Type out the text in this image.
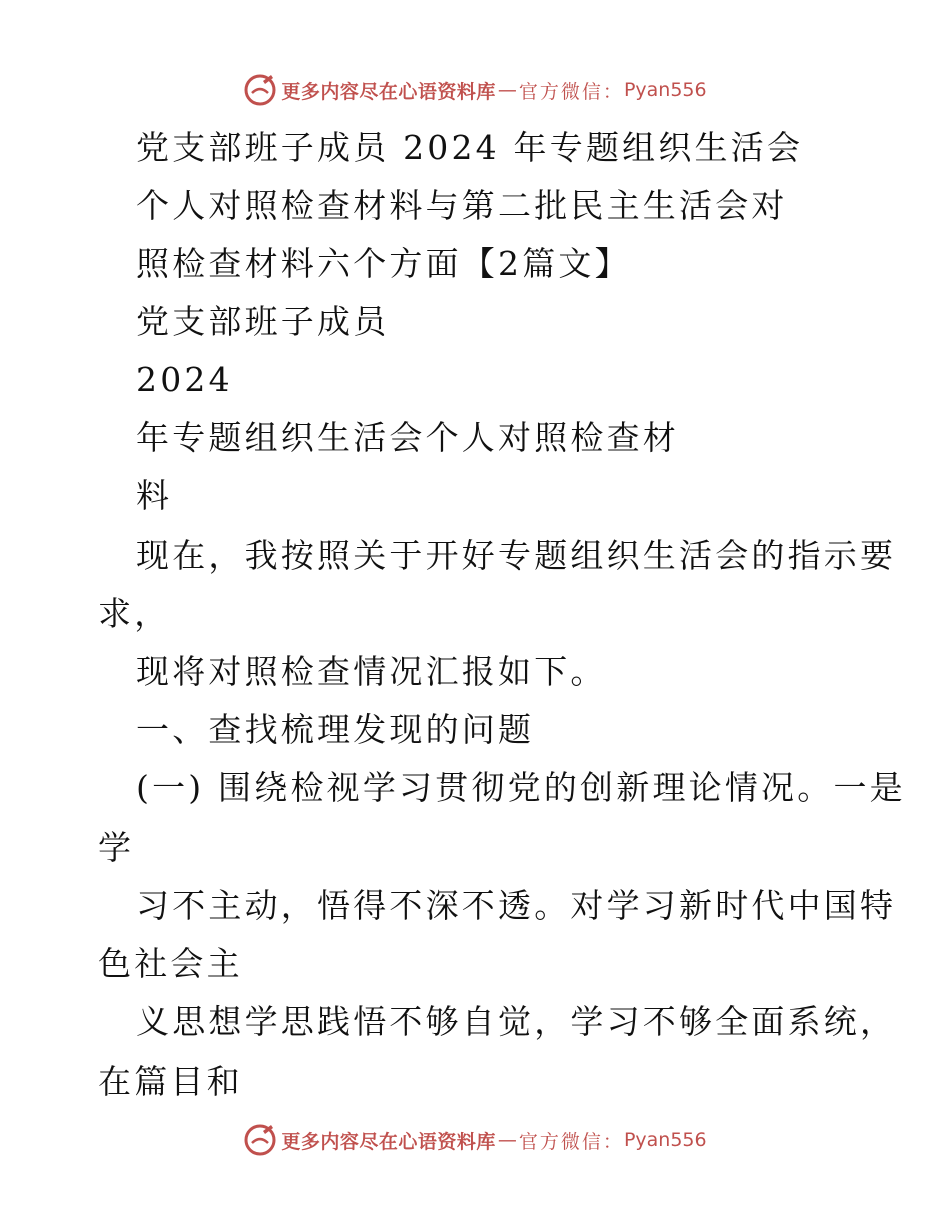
更多内容尽在心语资料库 — 官方微信： Pyan556
党支部班子成员 2024 年专题组织生活会
个人对照检查材料与第二批民主生活会对
照检查材料六个方面【2篇文】
党支部班子成员
2024
年专题组织生活会个人对照检查材
料
现在，我按照关于开好专题组织生活会的指示要
求，
现将对照检查情况汇报如下。
一、查找梳理发现的问题
(一) 围绕检视学习贯彻党的创新理论情况。一是
学
习不主动，悟得不深不透。对学习新时代中国特
色社会主
义思想学思践悟不够自觉，学习不够全面系统，
在篇目和
更多内容尽在心语资料库 — 官方微信： Pyan556
